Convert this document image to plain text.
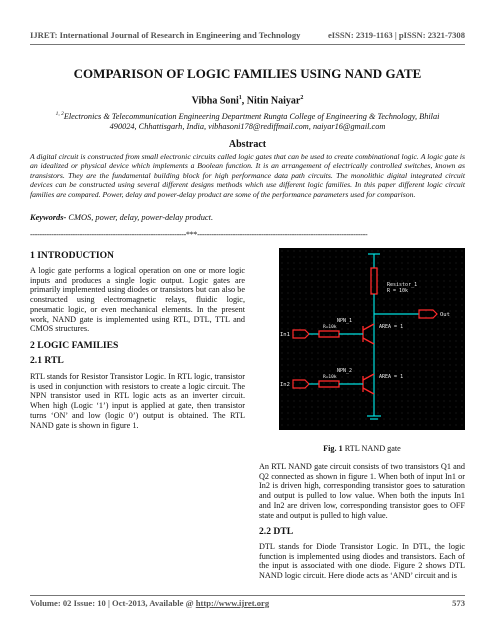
IJRET: International Journal of Research in Engineering and Technology	eISSN: 2319-1163 | pISSN: 2321-7308
COMPARISON OF LOGIC FAMILIES USING NAND GATE
Vibha Soni$^1$, Nitin Naiyar$^2$
$^{1, 2}$Electronics & Telecommunication Engineering Department Rungta College of Engineering & Technology, Bhilai
490024, Chhattisgarh, India, vibhasoni178@rediffmail.com, naiyar16@gmail.com
Abstract
A digital circuit is constructed from small electronic circuits called logic gates that can be used to create combinational logic. A logic gate is an idealized or physical device which implements a Boolean function. It is an arrangement of electrically controlled switches, known as transistors. They are the fundamental building block for high performance data path circuits. The monolithic digital integrated circuit devices can be constructed using several different designs methods which use different logic families. In this paper different logic circuit families are compared. Power, delay and power-delay product are some of the performance parameters used for comparison.
Keywords- CMOS, power, delay, power-delay product.
------------------------------------------------------------------***------------------------------------------------------------------------
1 INTRODUCTION
A logic gate performs a logical operation on one or more logic inputs and produces a single logic output. Logic gates are primarily implemented using diodes or transistors but can also be constructed using electromagnetic relays, fluidic logic, pneumatic logic, or even mechanical elements. In the present work, NAND gate is implemented using RTL, DTL, TTL and CMOS structures.
2 LOGIC FAMILIES
2.1 RTL
RTL stands for Resistor Transistor Logic. In RTL logic, transistor is used in conjunction with resistors to create a logic circuit. The NPN transistor used in RTL logic acts as an inverter circuit. When high (Logic ‘1’) input is applied at gate, then transistor turns ‘ON’ and low (logic 0’) output is obtained. The RTL NAND gate is shown in figure 1.
Resistor_1
R = 10k
Out
NPN_1
AREA = 1
In1
R=10k
NPN_2
AREA = 1
In2
R=10k
Fig. 1 RTL NAND gate
An RTL NAND gate circuit consists of two transistors Q1 and Q2 connected as shown in figure 1. When both of input In1 or In2 is driven high, corresponding transistor goes to saturation and output is pulled to low value. When both the inputs In1 and In2 are driven low, corresponding transistor goes to OFF state and output is pulled to high value.
2.2 DTL
DTL stands for Diode Transistor Logic. In DTL, the logic function is implemented using diodes and transistors. Each of the input is associated with one diode. Figure 2 shows DTL NAND logic circuit. Here diode acts as ‘AND’ circuit and is
Volume: 02 Issue: 10 | Oct-2013, Available @ http://www.ijret.org	573
